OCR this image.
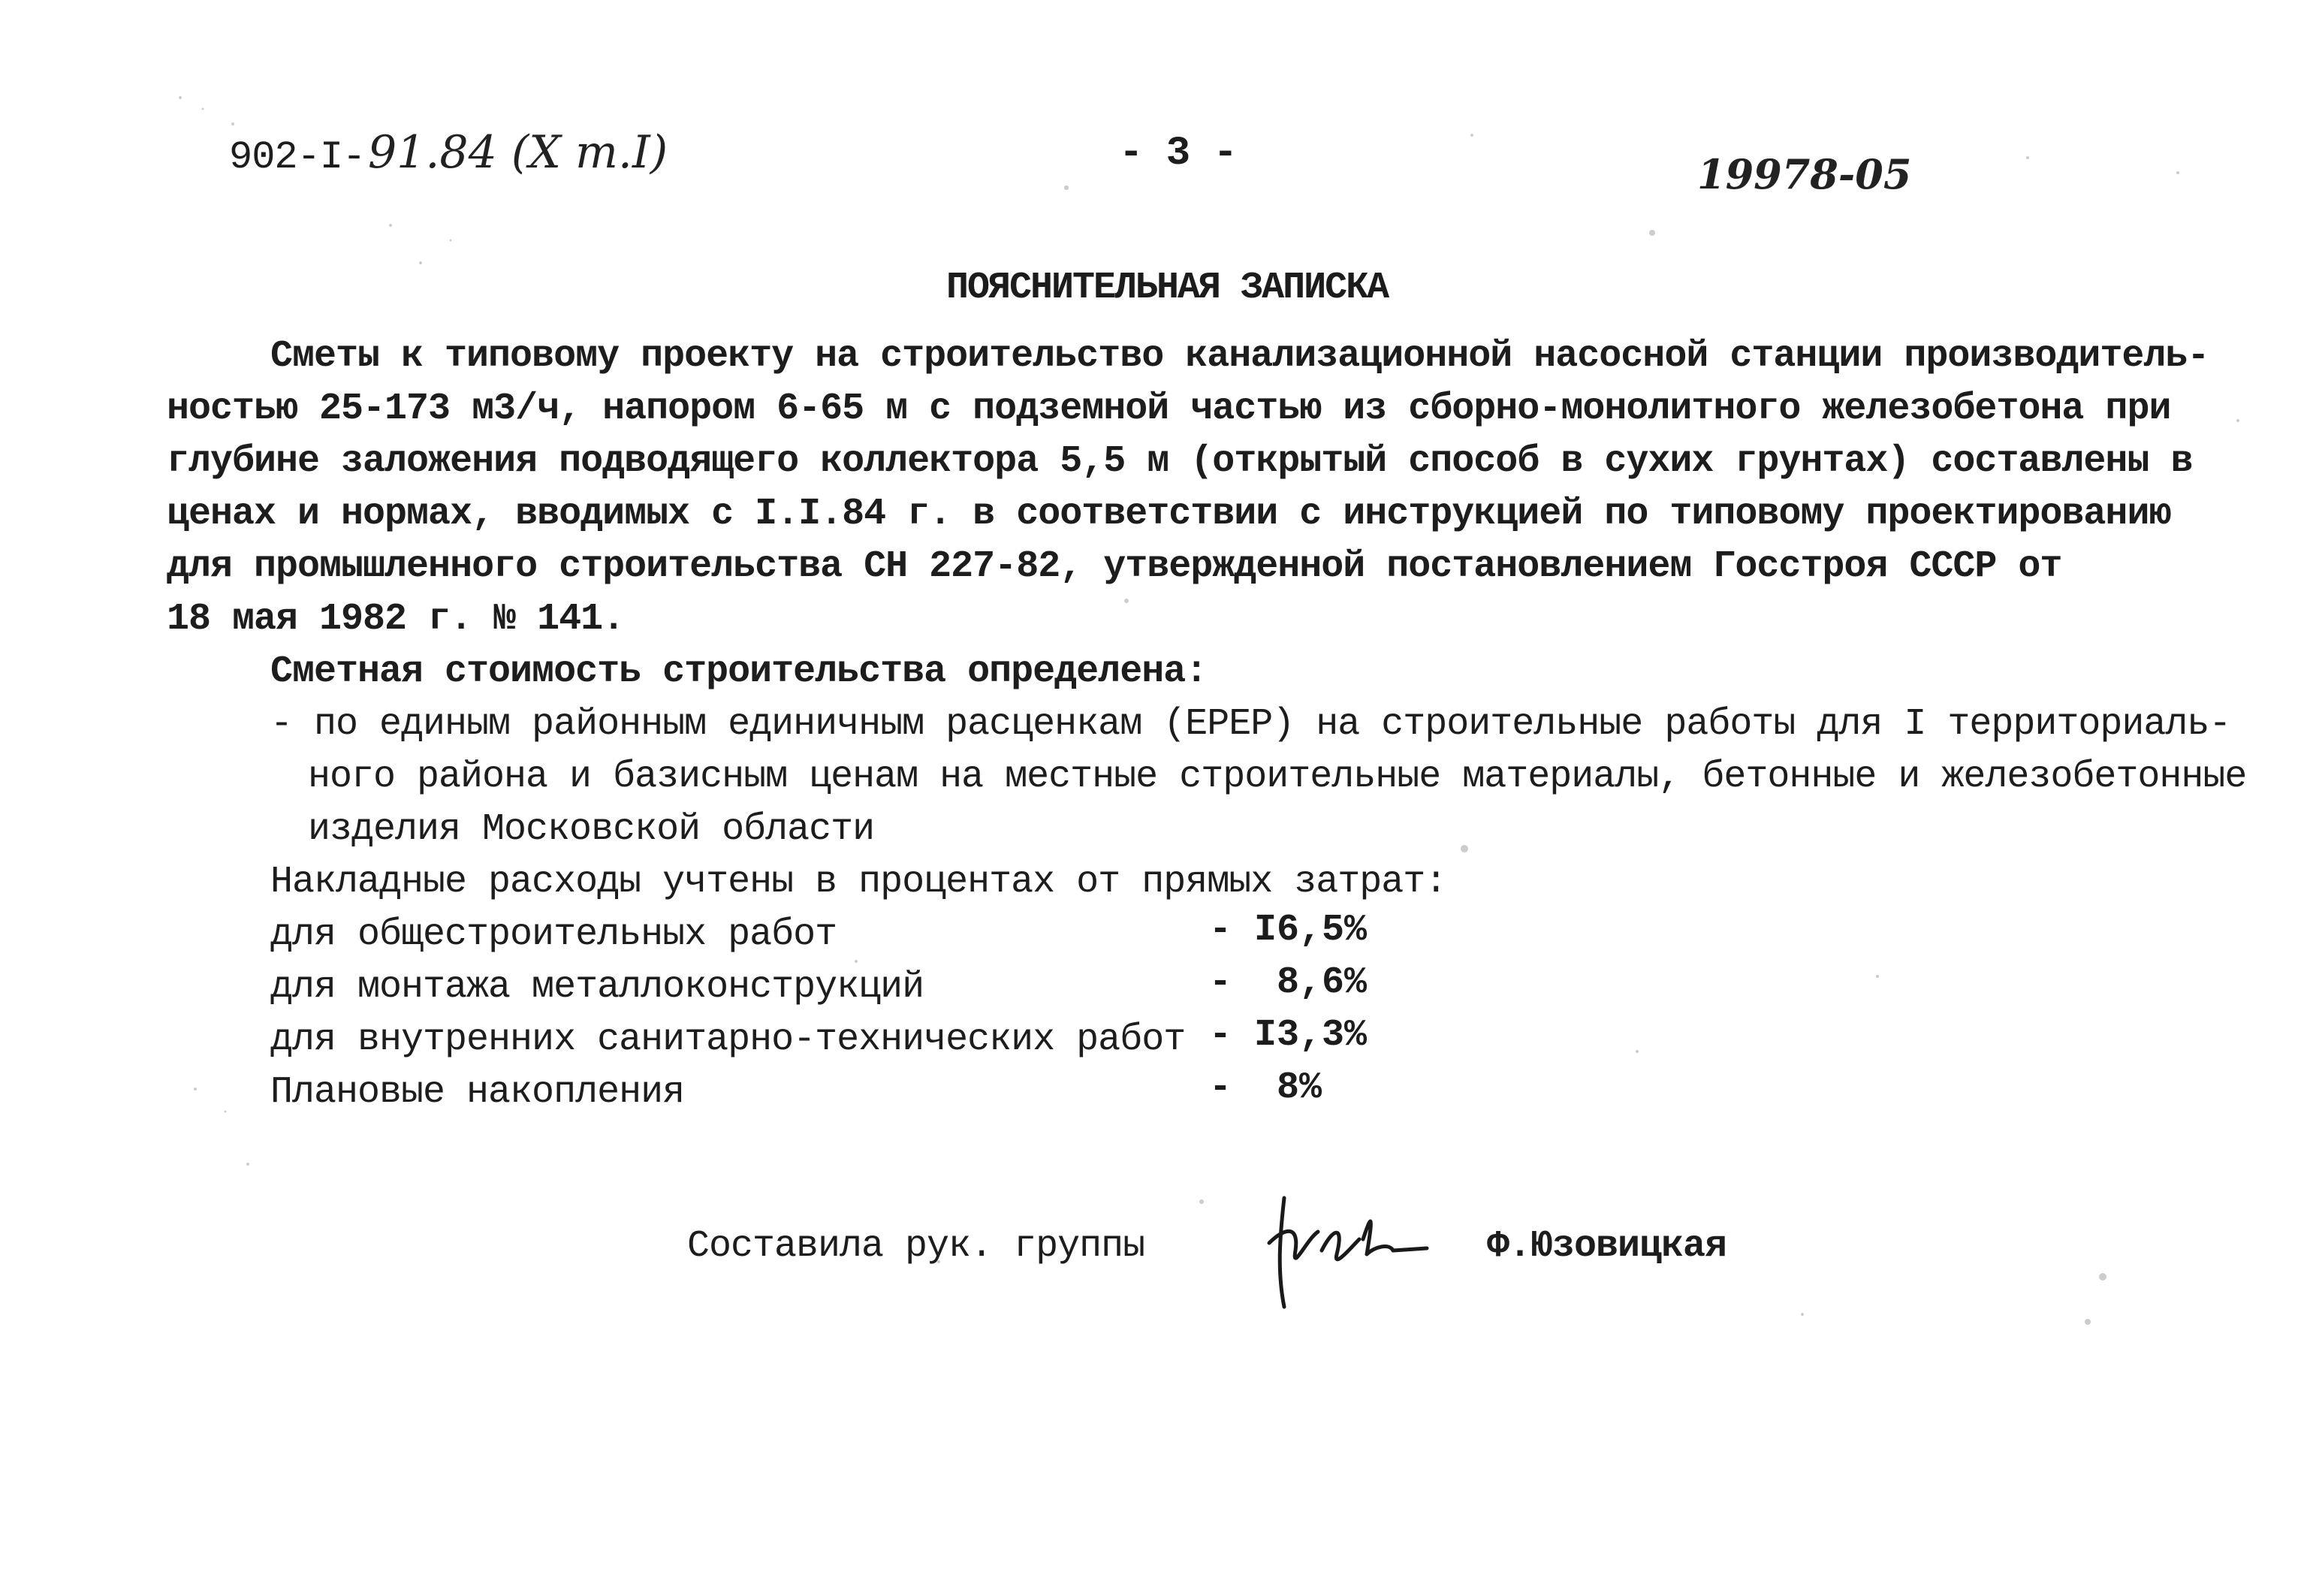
902-I- 91.84 (Х т.I)	- 3 -	19978-05
ПОЯСНИТЕЛЬНАЯ ЗАПИСКА
Сметы к типовому проекту на строительство канализационной насосной станции производитель-
ностью 25-173 м3/ч, напором 6-65 м с подземной частью из сборно-монолитного железобетона при
глубине заложения подводящего коллектора 5,5 м (открытый способ в сухих грунтах) составлены в
ценах и нормах, вводимых с I.I.84 г. в соответствии с инструкцией по типовому проектированию
для промышленного строительства СН 227-82, утвержденной постановлением Госстроя СССР от
18 мая 1982 г. № 141.
Сметная стоимость строительства определена:
- по единым районным единичным расценкам (ЕРЕР) на строительные работы для I территориаль-
ного района и базисным ценам на местные строительные материалы, бетонные и железобетонные
изделия Московской области
Накладные расходы учтены в процентах от прямых затрат:
для общестроительных работ	- I6,5%
для монтажа металлоконструкций	- 8,6%
для внутренних санитарно-технических работ - I3,3%
Плановые накопления	- 8%
Составила рук. группы	Ф.Юзовицкая
